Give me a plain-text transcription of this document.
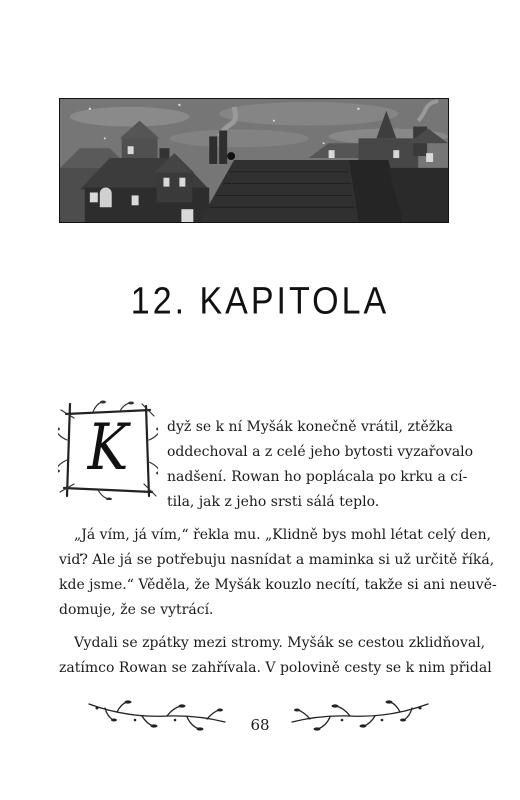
12. KAPITOLA
K	dyž se k ní Myšák konečně vrátil, ztěžka
oddechoval a z celé jeho bytosti vyzařovalo
nadšení. Rowan ho poplácala po krku a cí-
tila, jak z jeho srsti sálá teplo.
„Já vím, já vím,“ řekla mu. „Klidně bys mohl létat celý den,
viď? Ale já se potřebuju nasnídat a maminka si už určitě říká,
kde jsme.“ Věděla, že Myšák kouzlo necítí, takže si ani neuvě-
domuje, že se vytrácí.
Vydali se zpátky mezi stromy. Myšák se cestou zklidňoval,
zatímco Rowan se zahřívala. V polovině cesty se k nim přidal
68
